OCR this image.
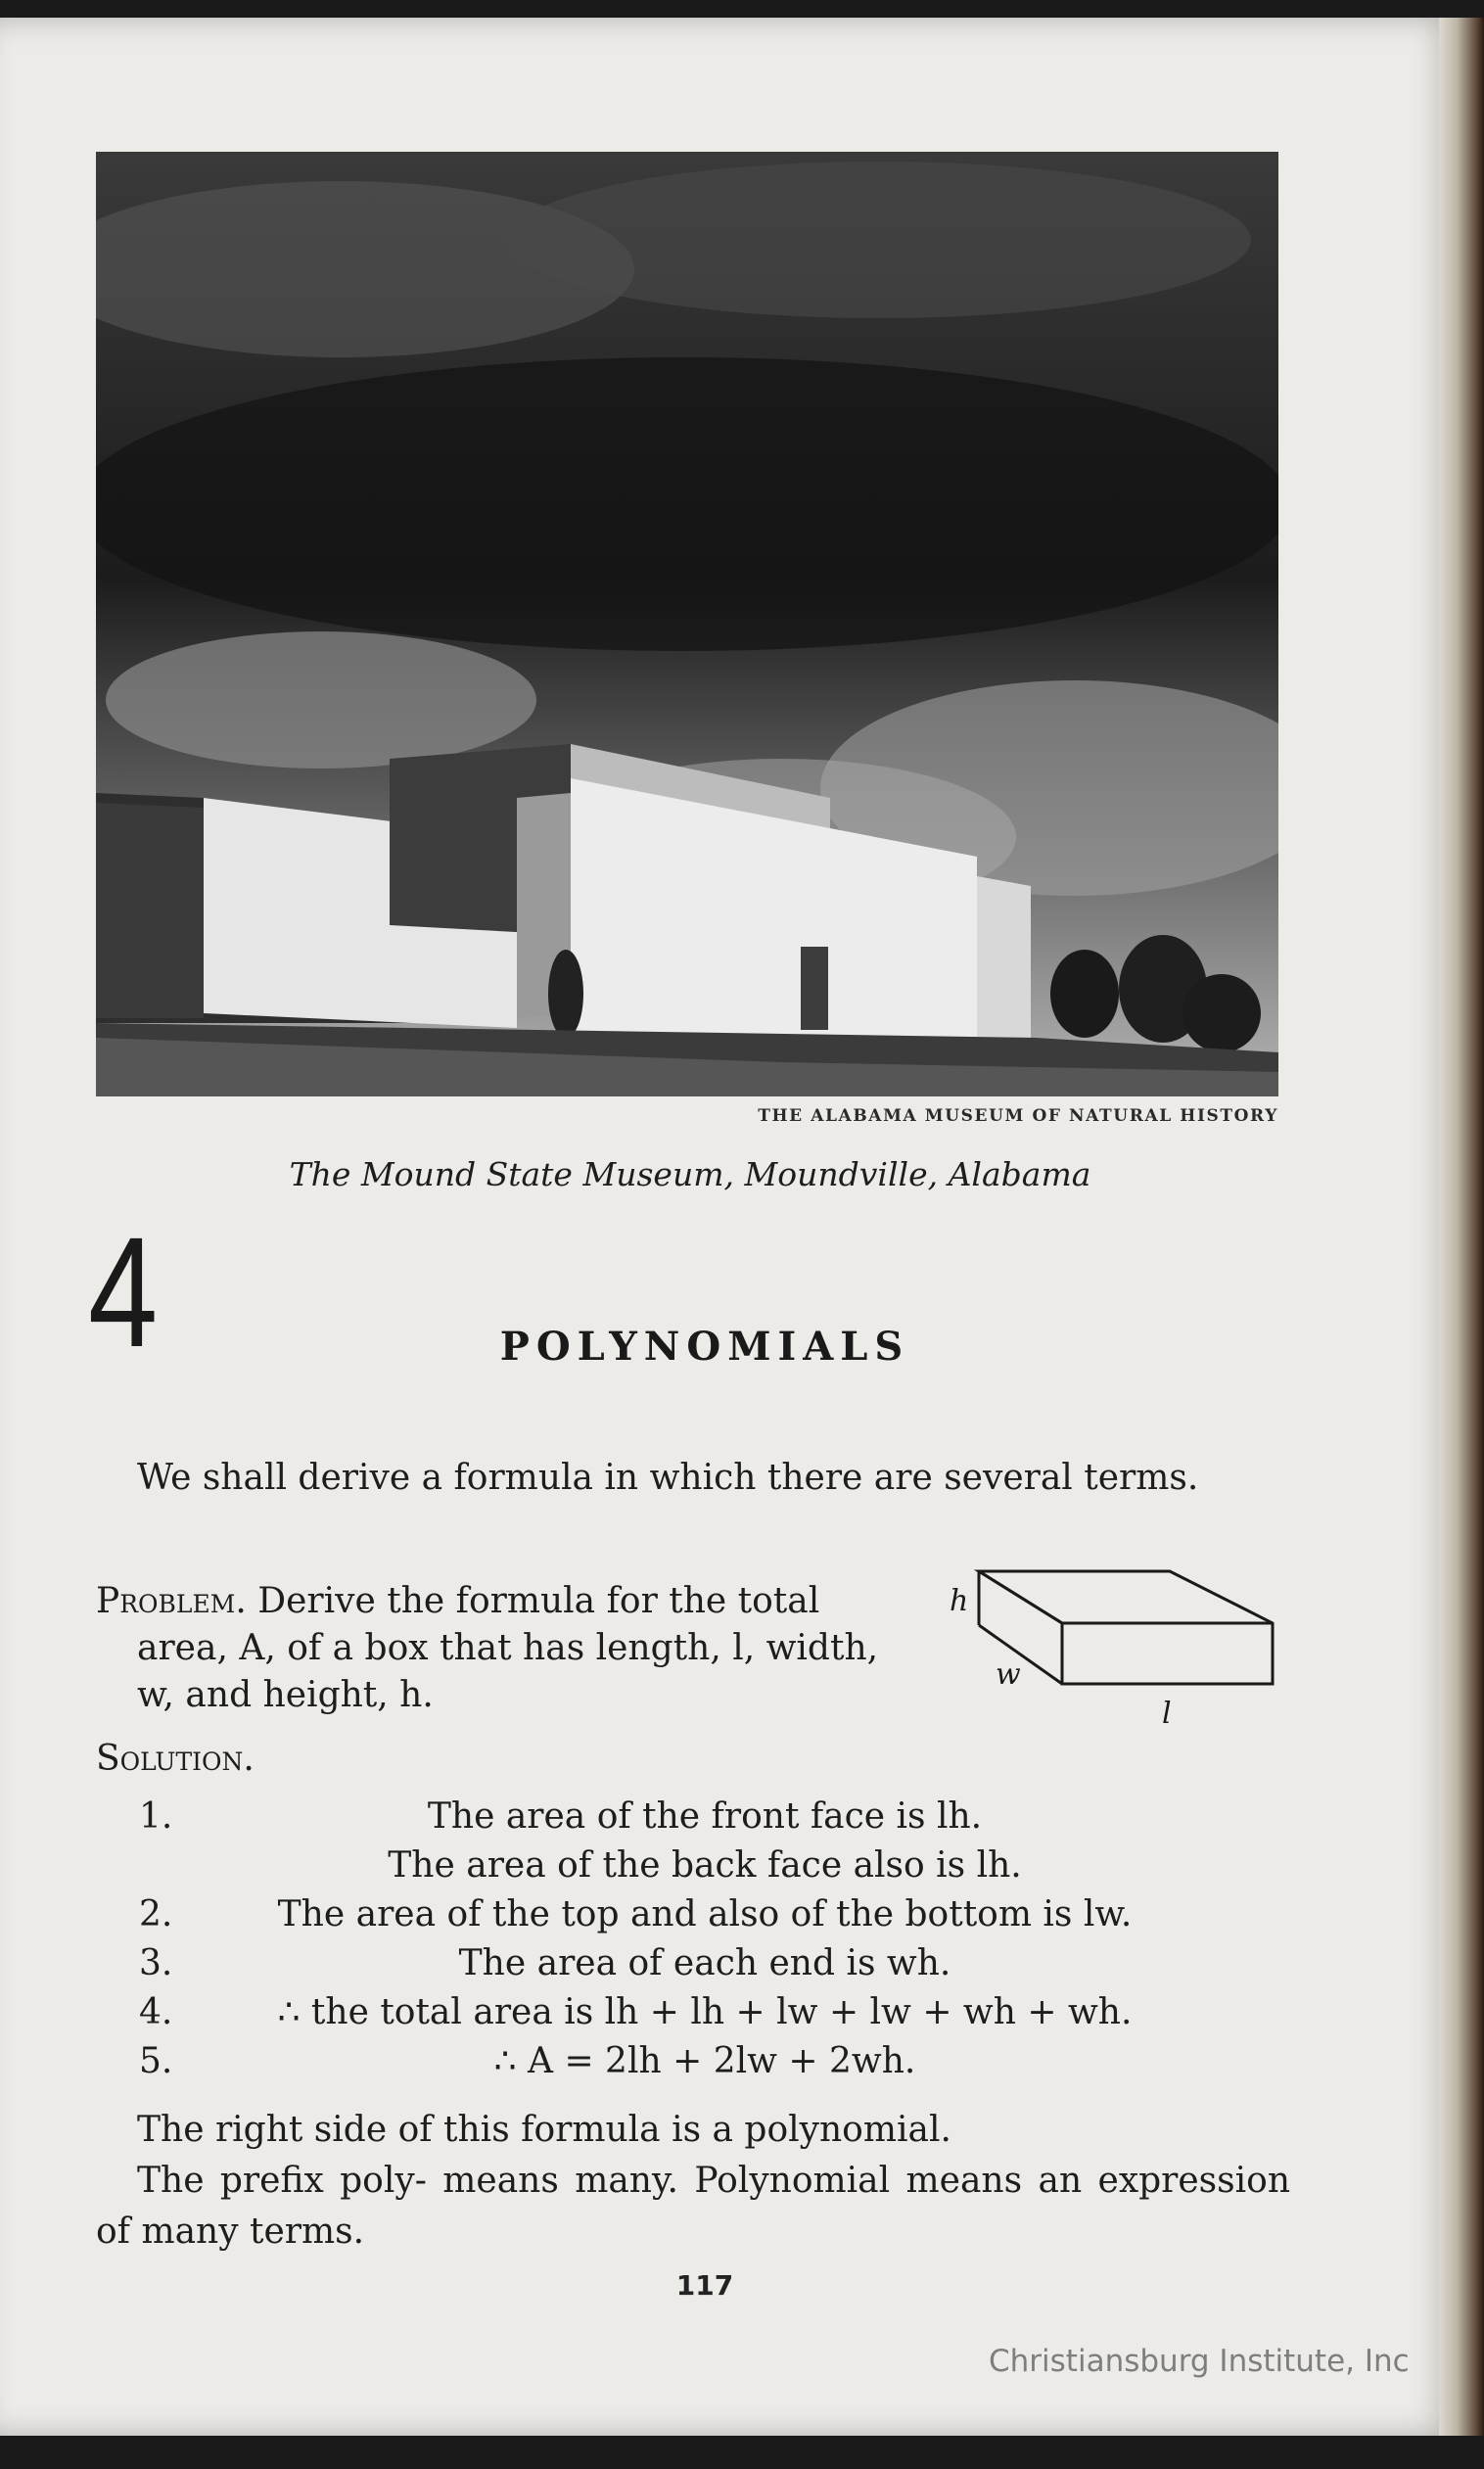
THE ALABAMA MUSEUM OF NATURAL HISTORY
The Mound State Museum, Moundville, Alabama
4	POLYNOMIALS

We shall derive a formula in which there are several terms.

Problem. Derive the formula for the total area, A, of a box that has length, l, width, w, and height, h.

h
w
l
Solution.
1.	The area of the front face is lh.
The area of the back face also is lh.
2.	The area of the top and also of the bottom is lw.
3.	The area of each end is wh.
4.	∴ the total area is lh + lh + lw + lw + wh + wh.
5.	∴ A = 2lh + 2lw + 2wh.

The right side of this formula is a polynomial.

The prefix poly- means many. Polynomial means an expression of many terms.

117
Christiansburg Institute, Inc
